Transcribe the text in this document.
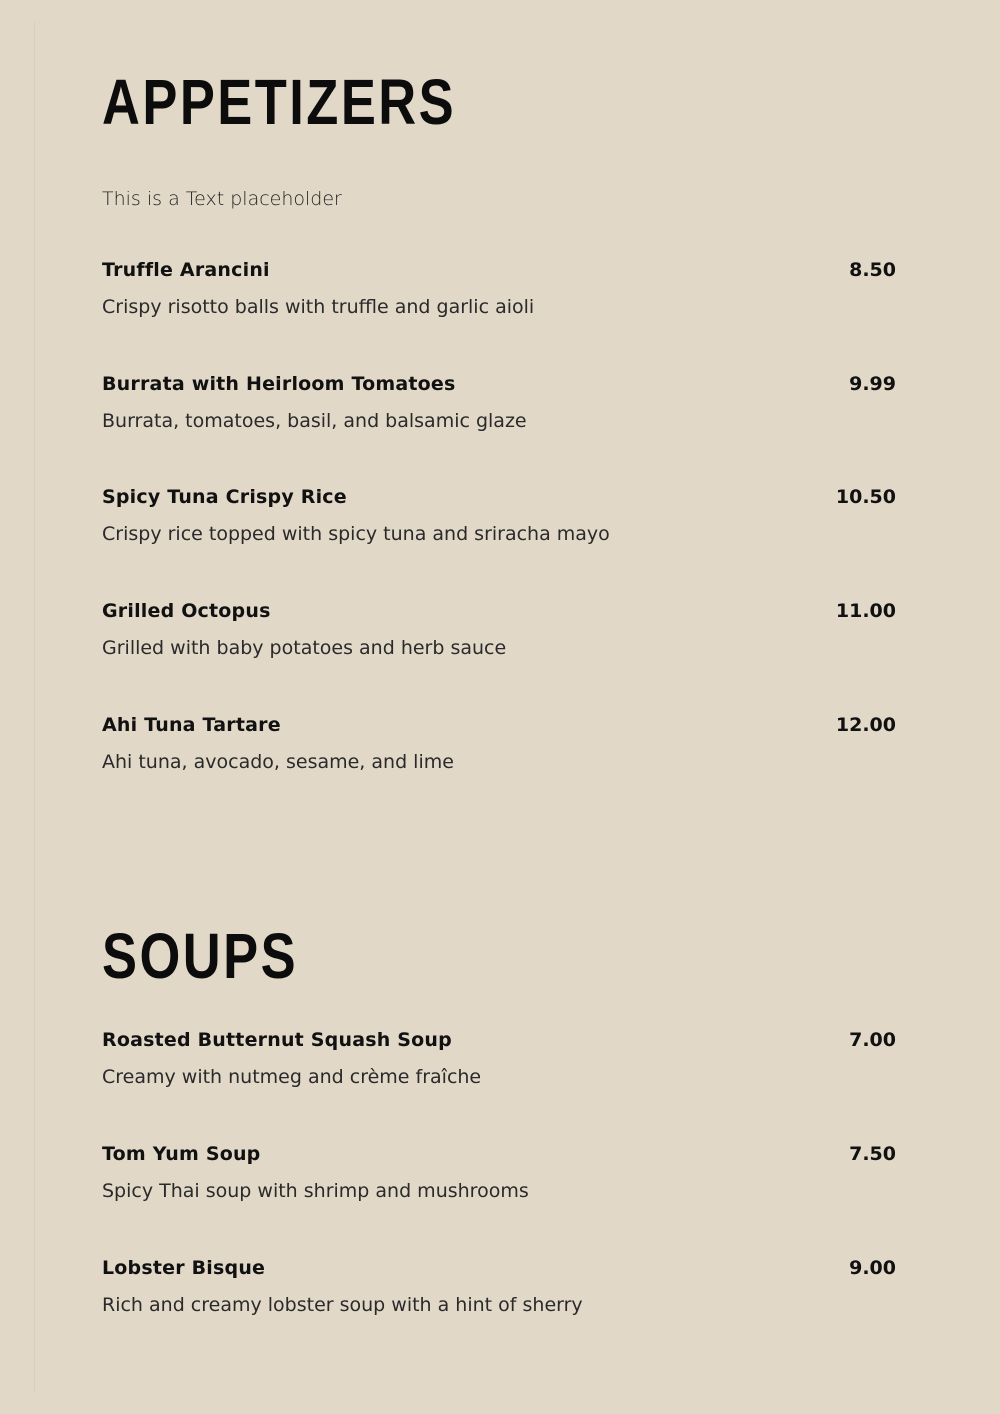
APPETIZERS

This is a Text placeholder

Truffle Arancini	8.50
Crispy risotto balls with truffle and garlic aioli
Burrata with Heirloom Tomatoes	9.99
Burrata, tomatoes, basil, and balsamic glaze
Spicy Tuna Crispy Rice	10.50
Crispy rice topped with spicy tuna and sriracha mayo
Grilled Octopus	11.00
Grilled with baby potatoes and herb sauce
Ahi Tuna Tartare	12.00
Ahi tuna, avocado, sesame, and lime
SOUPS
Roasted Butternut Squash Soup	7.00
Creamy with nutmeg and crème fraîche
Tom Yum Soup	7.50
Spicy Thai soup with shrimp and mushrooms
Lobster Bisque	9.00
Rich and creamy lobster soup with a hint of sherry
